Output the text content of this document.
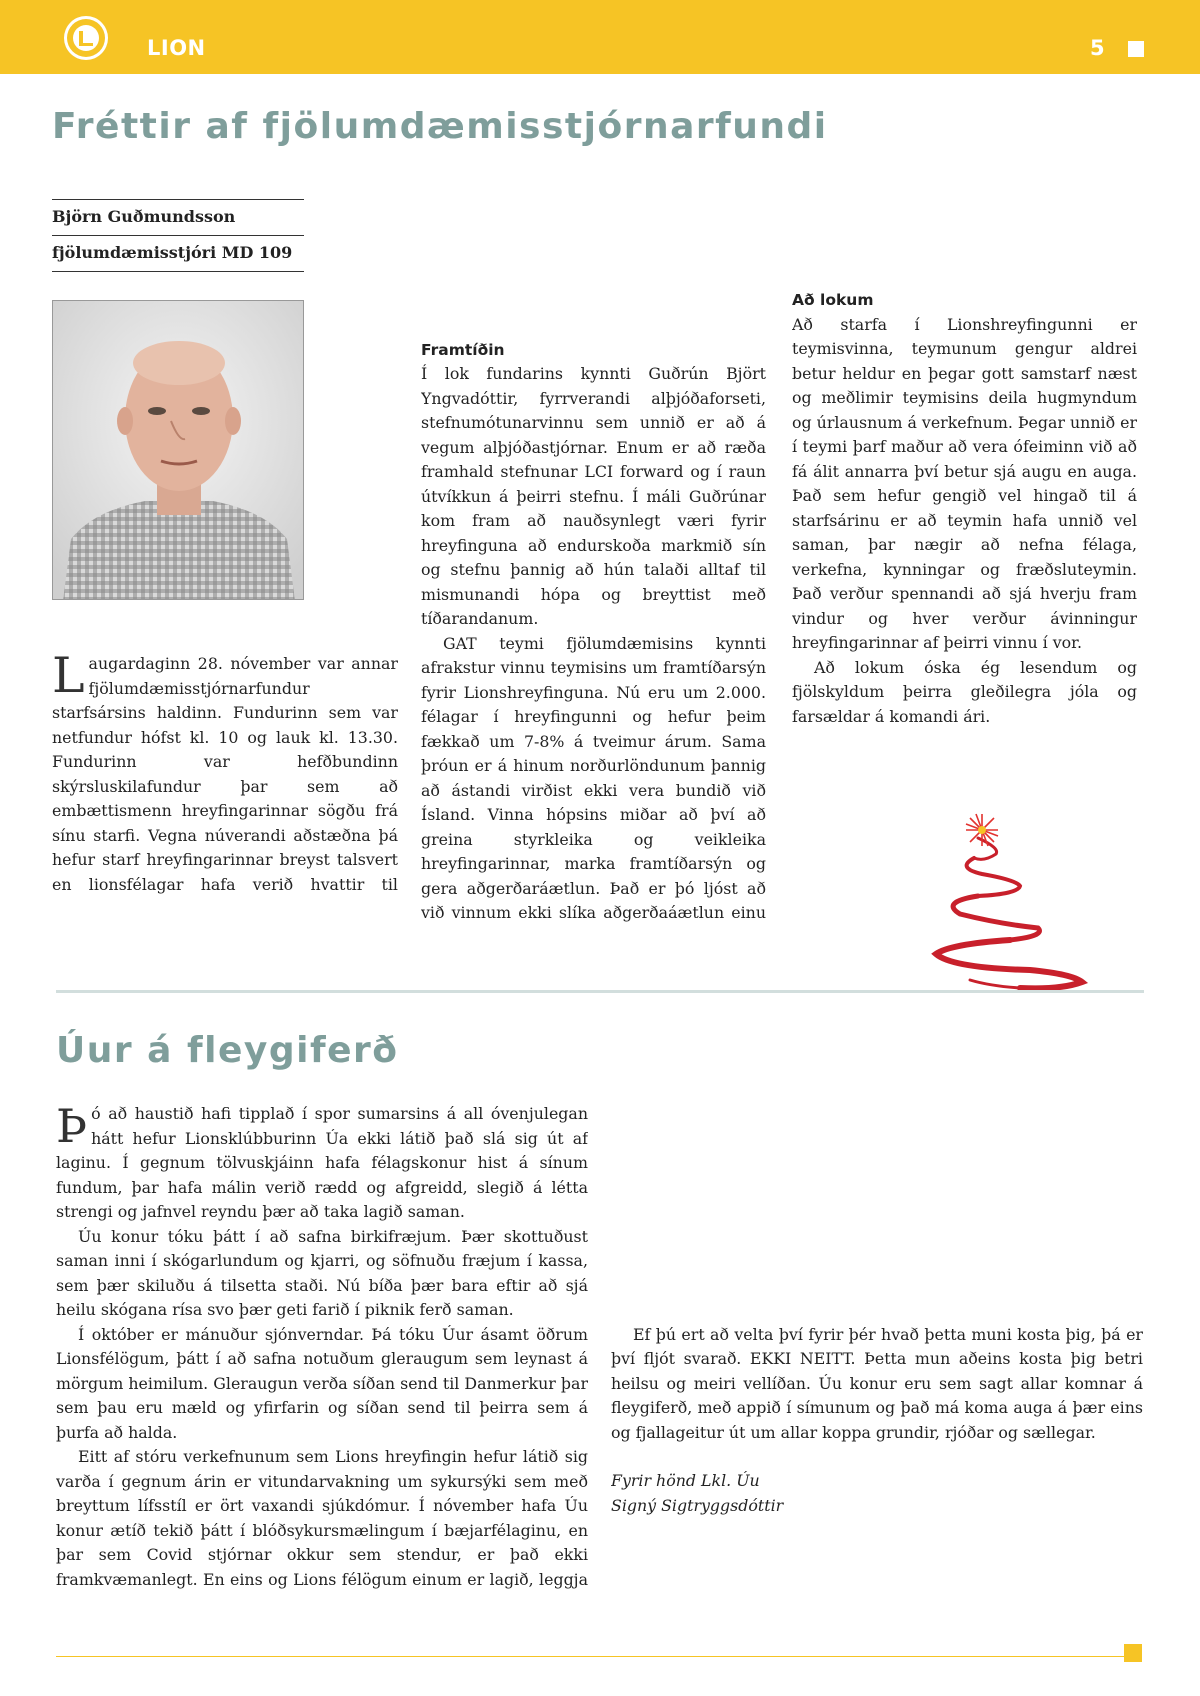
LION	5
Fréttir af fjölumdæmisstjórnarfundi
Björn Guðmundsson
fjölumdæmisstjóri MD 109

Laugardaginn 28. nóvember var annar fjölumdæmisstjórnarfundur starfsársins haldinn. Fundurinn sem var netfundur hófst kl. 10 og lauk kl. 13.30. Fundurinn var hefðbundinn skýrsluskilafundur þar sem að embættismenn hreyfingarinnar sögðu frá sínu starfi. Vegna núverandi aðstæðna þá hefur starf hreyfingarinnar breyst talsvert en lionsfélagar hafa verið hvattir til

Úur á fleygiferð

Framtíðin

Í lok fundarins kynnti Guðrún Björt Yngvadóttir, fyrrverandi alþjóðaforseti, stefnumótunarvinnu sem unnið er að á vegum alþjóðastjórnar. Enum er að ræða framhald stefnunar LCI forward og í raun útvíkkun á þeirri stefnu. Í máli Guðrúnar kom fram að nauðsynlegt væri fyrir hreyfinguna að endurskoða markmið sín og stefnu þannig að hún talaði alltaf til mismunandi hópa og breyttist með tíðarandanum.

GAT teymi fjölumdæmisins kynnti afrakstur vinnu teymisins um framtíðarsýn fyrir Lionshreyfinguna. Nú eru um 2.000. félagar í hreyfingunni og hefur þeim fækkað um 7-8% á tveimur árum. Sama þróun er á hinum norðurlöndunum þannig að ástandi virðist ekki vera bundið við Ísland. Vinna hópsins miðar að því að greina styrkleika og veikleika hreyfingarinnar, marka framtíðarsýn og gera aðgerðaráætlun. Það er þó ljóst að við vinnum ekki slíka aðgerðaáætlun einu

Að lokum

Að starfa í Lionshreyfingunni er teymisvinna, teymunum gengur aldrei betur heldur en þegar gott samstarf næst og meðlimir teymisins deila hugmyndum og úrlausnum á verkefnum. Þegar unnið er í teymi þarf maður að vera ófeiminn við að fá álit annarra því betur sjá augu en auga. Það sem hefur gengið vel hingað til á starfsárinu er að teymin hafa unnið vel saman, þar nægir að nefna félaga, verkefna, kynningar og fræðsluteymin. Það verður spennandi að sjá hverju fram vindur og hver verður ávinningur hreyfingarinnar af þeirri vinnu í vor.

Að lokum óska ég lesendum og fjölskyldum þeirra gleðilegra jóla og farsældar á komandi ári.

Þó að haustið hafi tipplað í spor sumarsins á all óvenjulegan hátt hefur Lionsklúbburinn Úa ekki látið það slá sig út af laginu. Í gegnum tölvuskjáinn hafa félagskonur hist á sínum fundum, þar hafa málin verið rædd og afgreidd, slegið á létta strengi og jafnvel reyndu þær að taka lagið saman.

Úu konur tóku þátt í að safna birkifræjum. Þær skottuðust saman inni í skógarlundum og kjarri, og söfnuðu fræjum í kassa, sem þær skiluðu á tilsetta staði. Nú bíða þær bara eftir að sjá heilu skógana rísa svo þær geti farið í piknik ferð saman.

Í október er mánuður sjónverndar. Þá tóku Úur ásamt öðrum Lionsfélögum, þátt í að safna notuðum gleraugum sem leynast á mörgum heimilum. Gleraugun verða síðan send til Danmerkur þar sem þau eru mæld og yfirfarin og síðan send til þeirra sem á þurfa að halda.

Eitt af stóru verkefnunum sem Lions hreyfingin hefur látið sig varða í gegnum árin er vitundarvakning um sykursýki sem með breyttum lífsstíl er ört vaxandi sjúkdómur. Í nóvember hafa Úu konur ætíð tekið þátt í blóðsykursmælingum í bæjarfélaginu, en þar sem Covid stjórnar okkur sem stendur, er það ekki framkvæmanlegt. En eins og Lions félögum einum er lagið, leggja

Ef þú ert að velta því fyrir þér hvað þetta muni kosta þig, þá er því fljót svarað. EKKI NEITT. Þetta mun aðeins kosta þig betri heilsu og meiri vellíðan. Úu konur eru sem sagt allar komnar á fleygiferð, með appið í símunum og það má koma auga á þær eins og fjallageitur út um allar koppa grundir, rjóðar og sællegar.

Fyrir hönd Lkl. Úu

Signý Sigtryggsdóttir
